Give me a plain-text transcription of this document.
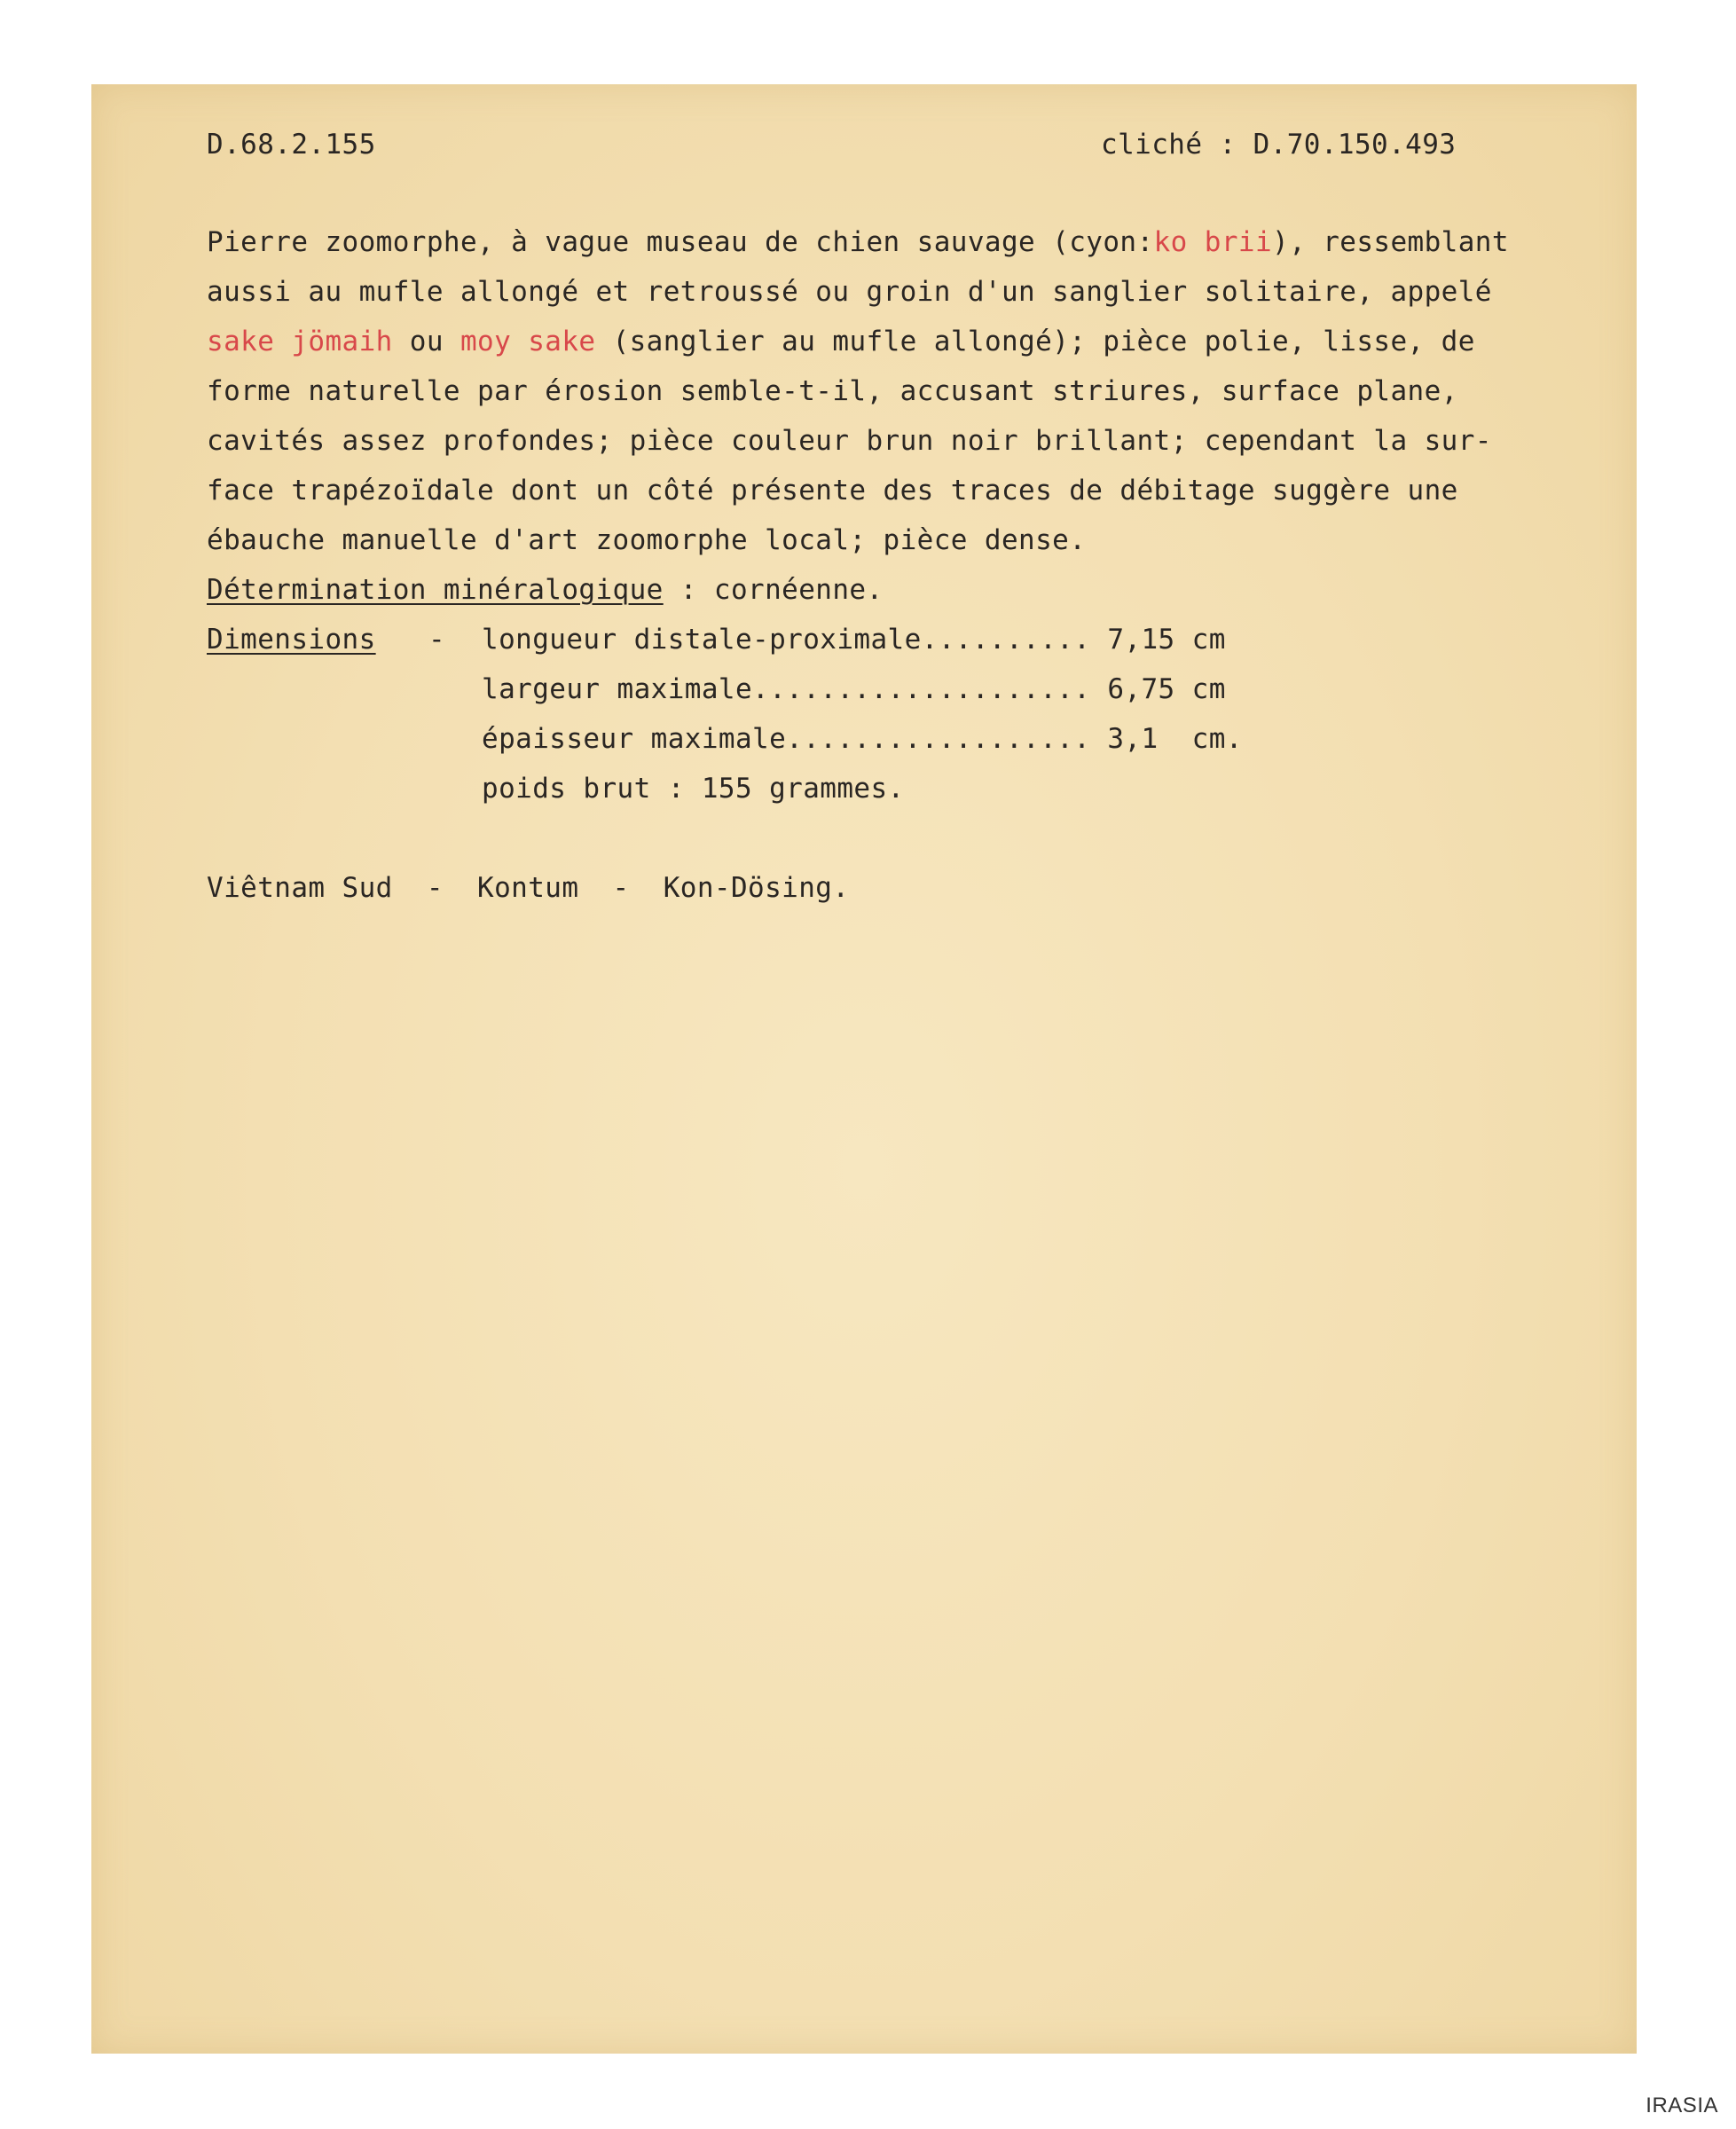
D.68.2.155	cliché : D.70.150.493
Pierre zoomorphe, à vague museau de chien sauvage (cyon:ko brii), ressemblant
aussi au mufle allongé et retroussé ou groin d'un sanglier solitaire, appelé
sake jömaih ou moy sake (sanglier au mufle allongé); pièce polie, lisse, de
forme naturelle par érosion semble-t-il, accusant striures, surface plane,
cavités assez profondes; pièce couleur brun noir brillant; cependant la sur-
face trapézoïdale dont un côté présente des traces de débitage suggère une
ébauche manuelle d'art zoomorphe local; pièce dense.
Détermination minéralogique : cornéenne.
Dimensions - longueur distale-proximale.......... 7,15 cm
largeur maximale.................... 6,75 cm
épaisseur maximale.................. 3,1  cm.
poids brut : 155 grammes.
Viêtnam Sud  -  Kontum  -  Kon-Dösing.
IRASIA
